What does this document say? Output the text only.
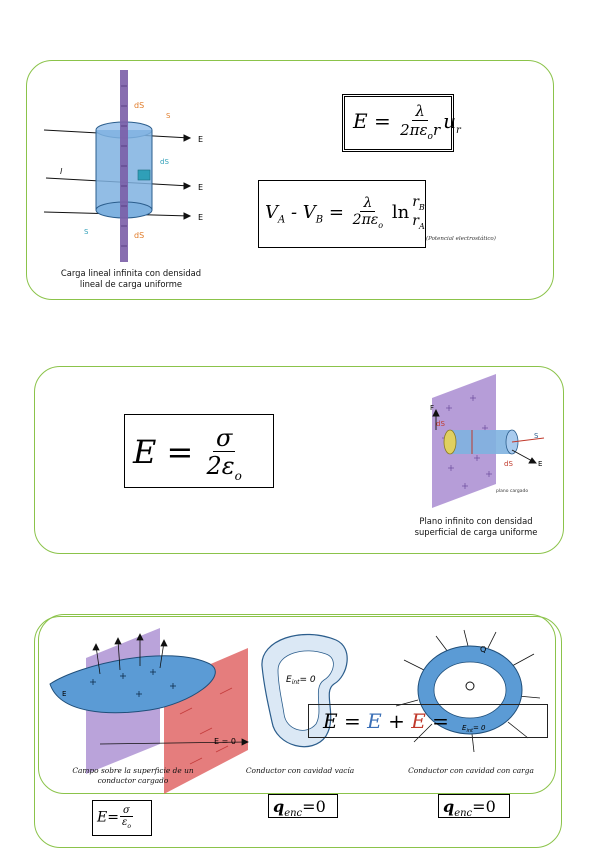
dS
S
dS
S	dS
E
E
E
l
Carga lineal infinita con densidad
lineal de carga uniforme
$E = \frac{\lambda}{2\pi\varepsilon_or} u_r$
$V_A - V_B = \frac{\lambda}{2\pi\varepsilon_o}$ $\ln r_B$
$r_A$
(Potencial electrostático)
$E = \frac{\sigma}{2\varepsilon_o}$
F
dS
S
dS	E
plano cargado
Plano infinito con densidad
superficial de carga uniforme
E = 0
E
$E_{int}= 0$
Q
$E_{int}= 0$
E = E + E =
Campo sobre la superficie de un
conductor cargado
Conductor con cavidad vacía	Conductor con cavidad con carga
$q_{enc}=0$	$q_{enc}=0$
$E= \frac{\sigma}{\varepsilon_o}$
